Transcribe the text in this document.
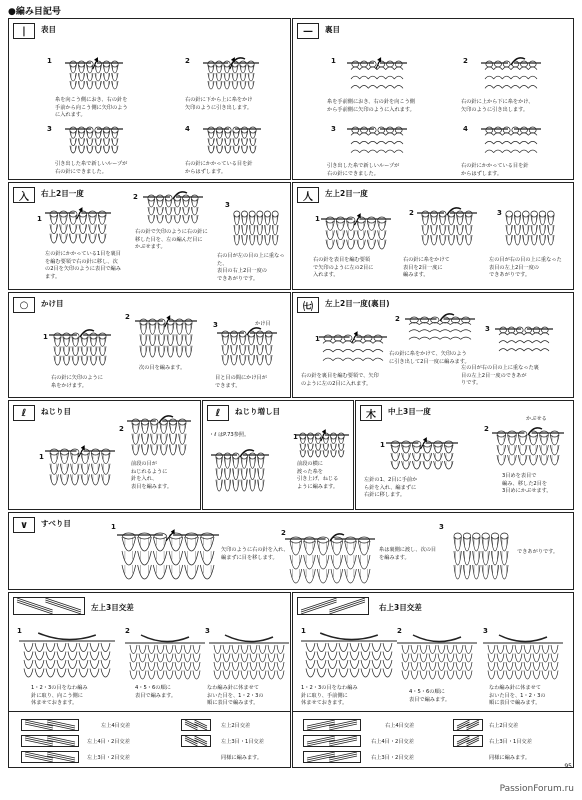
●編み目記号
|	表目
1
糸を向こう側におき、右の針を
手前から向こう側に矢印のよう
に入れます。
2
右の針に下から上に糸をかけ
矢印のように引き出します。
3
引き出した糸で新しいループが
右の針にできました。
4
右の針にかかっている目を針
からはずします。
—	裏目
1
糸を手前側におき、右の針を向こう側
から手前側に矢印のように入れます。
2
右の針に上から下に糸をかけ、
矢印のように引き出します。
3
引き出した糸で新しいループが
右の針にできました。
4
右の針にかかっている目を針
からはずします。
入	右上2目一度
1
左の針にかかっている1目を裏目
を編む要領で右の針に移し、次
の2目を矢印のように表目で編み
ます。
2
右の針で矢印のように右の針に
移した目を、左の編んだ目に
かぶせます。
3
右の目が左の目の上に重なった、
表目の右上2目一度の
できあがりです。
人	左上2目一度
1
右の針を表目を編む要領
で矢印のように左の2目に
入れます。
2
右の針に糸をかけて
表目を2目一度に
編みます。
3
左の目が右の目の上に重なった
表目の左上2目一度の
できあがりです。
○	かけ目
1
右の針に矢印のように
糸をかけます。
2
次の目を編みます。
3	かけ目
目と目の間にかけ目が
できます。
㈦	左上2目一度(裏目)
1
右の針を裏目を編む要領で、矢印
のように左の2目に入れます。
2
右の針に糸をかけて、矢印のよう
に引き出して2目一度に編みます。
3
左の目が右の目の上に重なった裏
目の左上2目一度のできあが
りです。
ℓ	ねじり目
1
2
前段の目が
ねじれるように
針を入れ、
表目を編みます。
ℓ	ねじり増し目
・ℓ はP.73参照。	1
前段の横に
渡った糸を
引き上げ、ねじる
ように編みます。
木	中上3目一度
1
左針の1、2目に手前か
ら針を入れ、編まずに
右針に移します。
2
かぶせる
3目めを表目で
編み、移した2目を
3目めにかぶせます。
∨	すべり目	1
矢印のように右の針を入れ、
編まずに目を移します。
2
糸は裏側に渡し、次の目
を編みます。
3
できあがりです。
左上3目交差
1
1・2・3の目をなわ編み
針に取り、向こう側に
休ませておきます。
2
4・5・6の順に
表目で編みます。
3
なわ編み針に休ませて
おいた目を、1・2・3の
順に表目で編みます。
左上4目交差	左上2目交差
左上4目・2目交差	左上3目・1目交差
左上3目・2目交差	同様に編みます。
右上3目交差
1
1・2・3の目をなわ編み
針に取り、手前側に
休ませておきます。
2
4・5・6の順に
表目で編みます。
3
なわ編み針に休ませて
おいた目を、1・2・3の
順に表目で編みます。
右上4目交差	右上2目交差
右上4目・2目交差	右上3目・1目交差
右上3目・2目交差	同様に編みます。
95
PassionForum.ru
